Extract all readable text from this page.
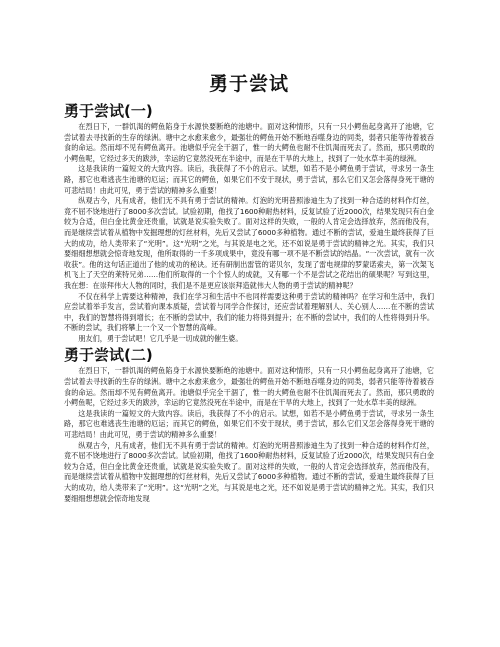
勇于尝试
勇于尝试(一)

在烈日下，一群饥渴的鳄鱼陷身于水源快要断绝的池塘中。面对这种情形，只有一只小鳄鱼起身离开了池塘，它尝试着去寻找新的生存的绿洲。塘中之水愈来愈少，最强壮的鳄鱼开始不断地吞噬身边的同类，弱者只能等待着被吞食的命运。然而却不见有鳄鱼离开。池塘似乎完全干涸了，惟一的大鳄鱼也耐不住饥渴而死去了。然而，那只勇敢的小鳄鱼呢，它经过多天的跋涉，幸运的它竟然没死在半途中，而是在干旱的大地上，找到了一处水草丰美的绿洲。

这是我读的一篇短文的大致内容。读后，我获得了不小的启示。试想，如若不是小鳄鱼勇于尝试，寻求另一条生路，那它也难逃丧生池塘的厄运；而其它的鳄鱼，如果它们不安于现状，勇于尝试，那么它们又怎会落得身死干塘的可悲结局！由此可见，勇于尝试的精神多么重要！

纵观古今，凡有成者，他们无不具有勇于尝试的精神。灯泡的光明普照渗迪生为了找到一种合适的材料作灯丝，竟不屈不饶地进行了8000多次尝试。试验初期，他找了1600种耐热材料，反复试验了近2000次，结果发现只有白金较为合适，但白金比黄金还贵重，试就是说实验失败了。面对这样的失败，一般的人肯定会选择放弃，然而他没有，而是继续尝试着从植物中发掘理想的灯丝材料，先后又尝试了6000多种植物。通过不断的尝试，爱迪生最终获得了巨大的成功，给人类带来了“光明”。这“光明”之光，与其说是电之光，还不如说是勇于尝试的精神之光。其实，我们只要细细想想就会惊奇地发现，他所取得的一千多项成果中，竟没有哪一项不是不断尝试的结晶。“一次尝试，就有一次收获”。他的这句话正道出了他的成功的秘诀。还有研制出雷管的诺贝尔，发现了雷电规律的罗蒙诺索夫，第一次架飞机飞上了天空的莱特兄弟……他们所取得的一个个惊人的成就，又有哪一个不是尝试之花结出的硕果呢？写到这里，我在想：在崇拜伟大人物的同时，我们是不是更应该崇拜造就伟大人物的勇于尝试的精神呢？

不仅在科学上需要这种精神，我们在学习和生活中不也同样需要这种勇于尝试的精神吗？在学习和生活中，我们应尝试着举手发言，尝试着向课本质疑，尝试着与同学合作探讨，还应尝试着理解别人、关心别人……在不断的尝试中，我们的智慧将得到增长；在不断的尝试中，我们的能力将得到提升；在不断的尝试中，我们的人性将得到升华。不断的尝试，我们将攀上一个又一个智慧的高峰。

朋友们，勇于尝试吧！它几乎是一切成就的催生婆。

勇于尝试(二)

在烈日下，一群饥渴的鳄鱼陷身于水源快要断绝的池塘中。面对这种情形，只有一只小鳄鱼起身离开了池塘，它尝试着去寻找新的生存的绿洲。塘中之水愈来愈少，最强壮的鳄鱼开始不断地吞噬身边的同类，弱者只能等待着被吞食的命运。然而却不见有鳄鱼离开。池塘似乎完全干涸了，惟一的大鳄鱼也耐不住饥渴而死去了。然而，那只勇敢的小鳄鱼呢，它经过多天的跋涉，幸运的它竟然没死在半途中，而是在干旱的大地上，找到了一处水草丰美的绿洲。

这是我读的一篇短文的大致内容。读后，我获得了不小的启示。试想，如若不是小鳄鱼勇于尝试，寻求另一条生路，那它也难逃丧生池塘的厄运；而其它的鳄鱼，如果它们不安于现状，勇于尝试，那么它们又怎会落得身死干塘的可悲结局！由此可见，勇于尝试的精神多么重要！

纵观古今，凡有成者，他们无不具有勇于尝试的精神。灯泡的光明普照渗迪生为了找到一种合适的材料作灯丝，竟不屈不饶地进行了8000多次尝试。试验初期，他找了1600种耐热材料，反复试验了近2000次，结果发现只有白金较为合适，但白金比黄金还贵重，试就是说实验失败了。面对这样的失败，一般的人肯定会选择放弃，然而他没有，而是继续尝试着从植物中发掘理想的灯丝材料，先后又尝试了6000多种植物。通过不断的尝试，爱迪生最终获得了巨大的成功，给人类带来了“光明”。这“光明”之光，与其说是电之光，还不如说是勇于尝试的精神之光。其实，我们只要细细想想就会惊奇地发现
